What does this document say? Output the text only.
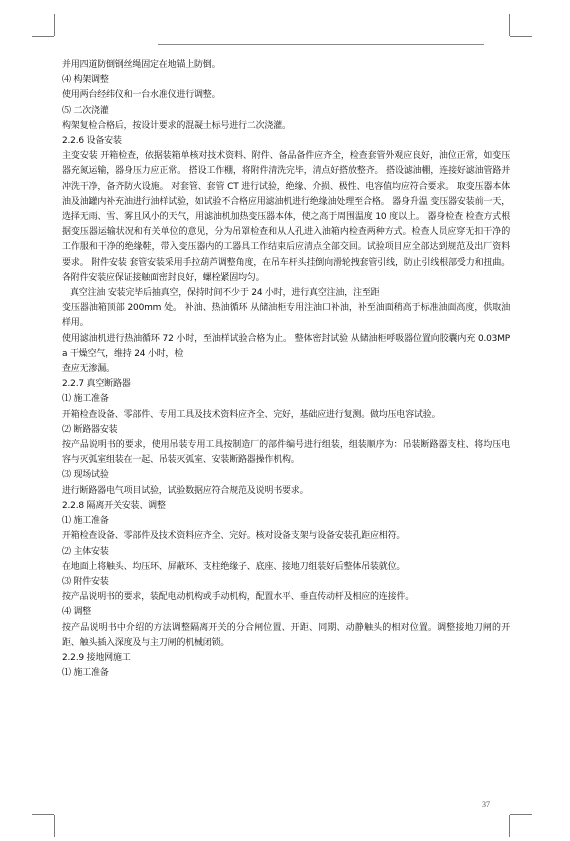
并用四道防倒钢丝绳固定在地锚上防倒。

⑷ 构架调整

使用两台经纬仪和一台水准仪进行调整。

⑸ 二次浇灌

构架复检合格后，按设计要求的混凝土标号进行二次浇灌。

2.2.6 设备安装

主变安装 开箱检查，依据装箱单核对技术资料、附件、备品备件应齐全，检查套管外观应良好，油位正常，如变压器充氮运输，器身压力应正常。 搭设工作棚，将附件清洗完毕，清点好搭放整齐。 搭设滤油棚，连接好滤油管路并冲洗干净，备齐防火设施。 对套管、套管 CT 进行试验，绝缘、介损、极性、电容值均应符合要求。 取变压器本体油及油罐内补充油进行油样试验，如试验不合格应用滤油机进行绝缘油处理至合格。 器身升温 变压器安装前一天，选择无雨、雪、雾且风小的天气，用滤油机加热变压器本体，使之高于周围温度 10 度以上。 器身检查 检查方式根据变压器运输状况和有关单位的意见，分为吊罩检查和从人孔进入油箱内检查两种方式。检查人员应穿无扣干净的工作服和干净的绝缘鞋，带入变压器内的工器具工作结束后应清点全部交回。试验项目应全部达到规范及出厂资料要求。 附件安装 套管安装采用手拉葫芦调整角度，在吊车杆头挂倒向滑轮拽套管引线，防止引线根部受力和扭曲。各附件安装应保证接触面密封良好，螺栓紧固均匀。

真空注油 安装完毕后抽真空，保持时间不少于 24 小时，进行真空注油，注至距

变压器油箱顶部 200mm 处。 补油、热油循环 从储油柜专用注油口补油，补至油面稍高于标准油面高度，供取油样用。

使用滤油机进行热油循环 72 小时，至油样试验合格为止。 整体密封试验 从储油柜呼吸器位置向胶囊内充 0.03MPa 干燥空气，维持 24 小时，检

查应无渗漏。

2.2.7 真空断路器

⑴ 施工准备

开箱检查设备、零部件、专用工具及技术资料应齐全、完好，基础应进行复测。做均压电容试验。

⑵ 断路器安装

按产品说明书的要求，使用吊装专用工具按制造厂的部件编号进行组装，组装顺序为：吊装断路器支柱、将均压电容与灭弧室组装在一起、吊装灭弧室、安装断路器操作机构。

⑶ 现场试验

进行断路器电气项目试验，试验数据应符合规范及说明书要求。

2.2.8 隔离开关安装、调整

⑴ 施工准备

开箱检查设备、零部件及技术资料应齐全、完好。核对设备支架与设备安装孔距应相符。

⑵ 主体安装

在地面上将触头、均压环、屏蔽环、支柱绝缘子、底座、接地刀组装好后整体吊装就位。

⑶ 附件安装

按产品说明书的要求，装配电动机构或手动机构，配置水平、垂直传动杆及相应的连接件。

⑷ 调整

按产品说明书中介绍的方法调整隔离开关的分合闸位置、开距、同期、动静触头的相对位置。调整接地刀闸的开距、触头插入深度及与主刀闸的机械闭锁。

2.2.9 接地网施工

⑴ 施工准备

37
